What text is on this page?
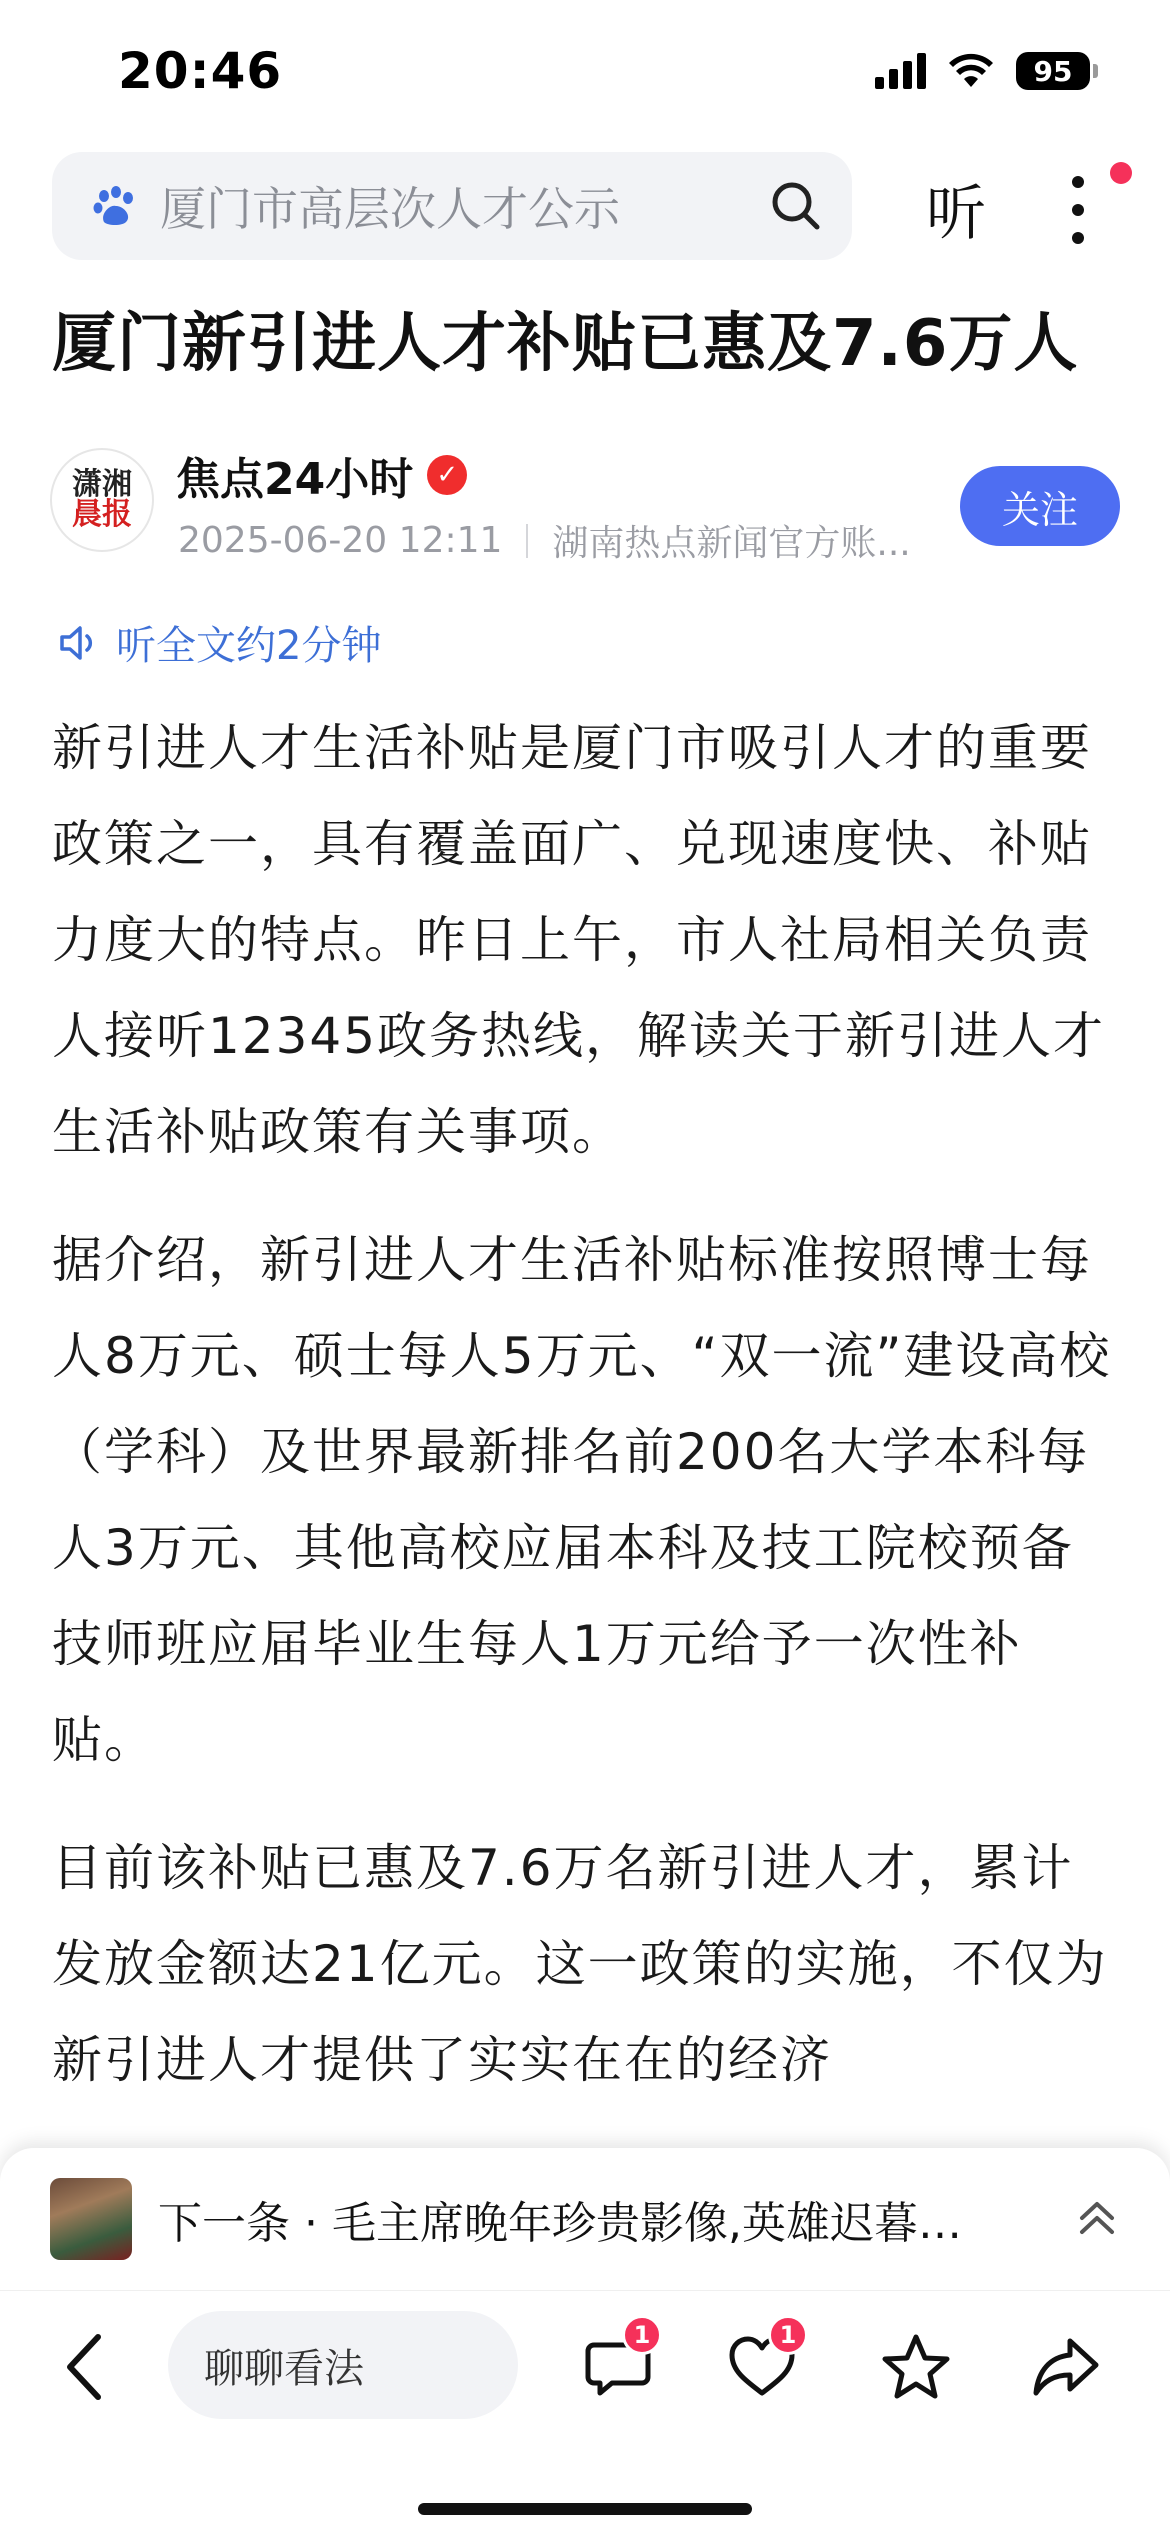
20:46	95
厦门市高层次人才公示	听
厦门新引进人才补贴已惠及7.6万人
潇湘
晨报
焦点24小时 ✓
2025-06-20 12:11 湖南热点新闻官方账...
关注
听全文约2分钟

新引进人才生活补贴是厦门市吸引人才的重要政策之一，具有覆盖面广、兑现速度快、补贴力度大的特点。昨日上午，市人社局相关负责人接听12345政务热线，解读关于新引进人才生活补贴政策有关事项。

据介绍，新引进人才生活补贴标准按照博士每人8万元、硕士每人5万元、“双一流”建设高校（学科）及世界最新排名前200名大学本科每人3万元、其他高校应届本科及技工院校预备技师班应届毕业生每人1万元给予一次性补贴。

目前该补贴已惠及7.6万名新引进人才，累计发放金额达21亿元。这一政策的实施，不仅为新引进人才提供了实实在在的经济

下一条 · 毛主席晚年珍贵影像,英雄迟暮…
聊聊看法
1	1
